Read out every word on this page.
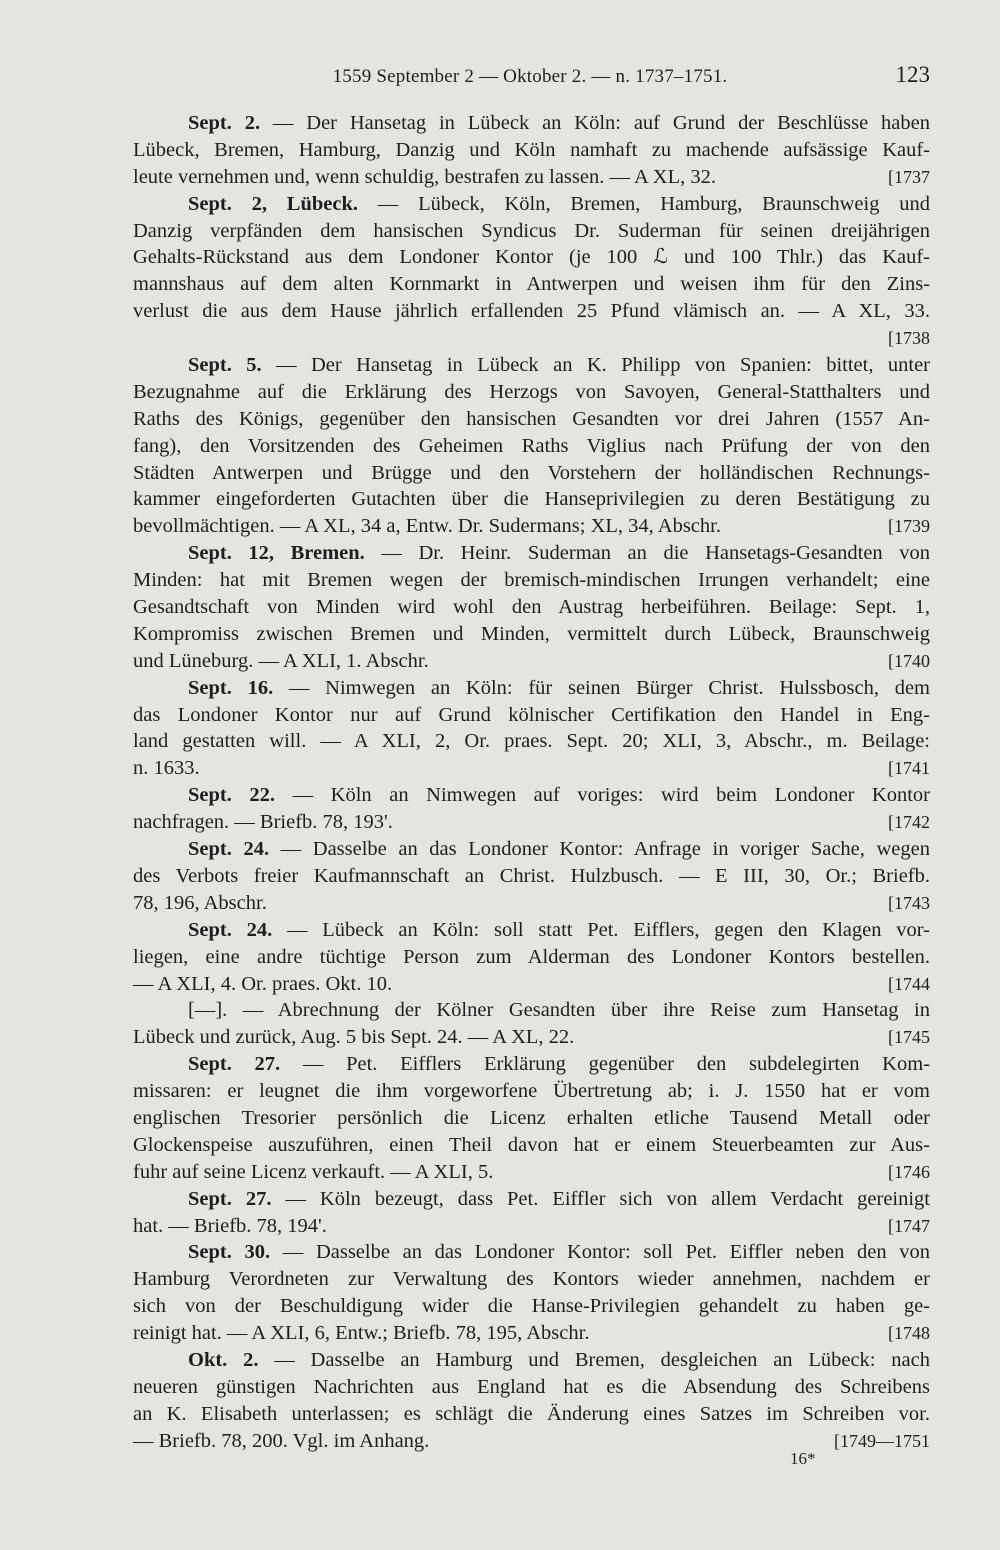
1559 September 2 — Oktober 2. — n. 1737–1751.	123
Sept. 2. — Der Hansetag in Lübeck an Köln: auf Grund der Beschlüsse haben
Lübeck, Bremen, Hamburg, Danzig und Köln namhaft zu machende aufsässige Kauf-
leute vernehmen und, wenn schuldig, bestrafen zu lassen. — A XL, 32.	[1737
Sept. 2, Lübeck. — Lübeck, Köln, Bremen, Hamburg, Braunschweig und
Danzig verpfänden dem hansischen Syndicus Dr. Suderman für seinen dreijährigen
Gehalts-Rückstand aus dem Londoner Kontor (je 100 ℒ und 100 Thlr.) das Kauf-
mannshaus auf dem alten Kornmarkt in Antwerpen und weisen ihm für den Zins-
verlust die aus dem Hause jährlich erfallenden 25 Pfund vlämisch an. — A XL, 33.
[1738
Sept. 5. — Der Hansetag in Lübeck an K. Philipp von Spanien: bittet, unter
Bezugnahme auf die Erklärung des Herzogs von Savoyen, General-Statthalters und
Raths des Königs, gegenüber den hansischen Gesandten vor drei Jahren (1557 An-
fang), den Vorsitzenden des Geheimen Raths Viglius nach Prüfung der von den
Städten Antwerpen und Brügge und den Vorstehern der holländischen Rechnungs-
kammer eingeforderten Gutachten über die Hanseprivilegien zu deren Bestätigung zu
bevollmächtigen. — A XL, 34 a, Entw. Dr. Sudermans; XL, 34, Abschr.	[1739
Sept. 12, Bremen. — Dr. Heinr. Suderman an die Hansetags-Gesandten von
Minden: hat mit Bremen wegen der bremisch-mindischen Irrungen verhandelt; eine
Gesandtschaft von Minden wird wohl den Austrag herbeiführen. Beilage: Sept. 1,
Kompromiss zwischen Bremen und Minden, vermittelt durch Lübeck, Braunschweig
und Lüneburg. — A XLI, 1. Abschr.	[1740
Sept. 16. — Nimwegen an Köln: für seinen Bürger Christ. Hulssbosch, dem
das Londoner Kontor nur auf Grund kölnischer Certifikation den Handel in Eng-
land gestatten will. — A XLI, 2, Or. praes. Sept. 20; XLI, 3, Abschr., m. Beilage:
n. 1633.	[1741
Sept. 22. — Köln an Nimwegen auf voriges: wird beim Londoner Kontor
nachfragen. — Briefb. 78, 193'.	[1742
Sept. 24. — Dasselbe an das Londoner Kontor: Anfrage in voriger Sache, wegen
des Verbots freier Kaufmannschaft an Christ. Hulzbusch. — E III, 30, Or.; Briefb.
78, 196, Abschr.	[1743
Sept. 24. — Lübeck an Köln: soll statt Pet. Eifflers, gegen den Klagen vor-
liegen, eine andre tüchtige Person zum Alderman des Londoner Kontors bestellen.
— A XLI, 4. Or. praes. Okt. 10.	[1744
[—]. — Abrechnung der Kölner Gesandten über ihre Reise zum Hansetag in
Lübeck und zurück, Aug. 5 bis Sept. 24. — A XL, 22.	[1745
Sept. 27. — Pet. Eifflers Erklärung gegenüber den subdelegirten Kom-
missaren: er leugnet die ihm vorgeworfene Übertretung ab; i. J. 1550 hat er vom
englischen Tresorier persönlich die Licenz erhalten etliche Tausend Metall oder
Glockenspeise auszuführen, einen Theil davon hat er einem Steuerbeamten zur Aus-
fuhr auf seine Licenz verkauft. — A XLI, 5.	[1746
Sept. 27. — Köln bezeugt, dass Pet. Eiffler sich von allem Verdacht gereinigt
hat. — Briefb. 78, 194'.	[1747
Sept. 30. — Dasselbe an das Londoner Kontor: soll Pet. Eiffler neben den von
Hamburg Verordneten zur Verwaltung des Kontors wieder annehmen, nachdem er
sich von der Beschuldigung wider die Hanse-Privilegien gehandelt zu haben ge-
reinigt hat. — A XLI, 6, Entw.; Briefb. 78, 195, Abschr.	[1748
Okt. 2. — Dasselbe an Hamburg und Bremen, desgleichen an Lübeck: nach
neueren günstigen Nachrichten aus England hat es die Absendung des Schreibens
an K. Elisabeth unterlassen; es schlägt die Änderung eines Satzes im Schreiben vor.
— Briefb. 78, 200. Vgl. im Anhang.	[1749—1751
16*
